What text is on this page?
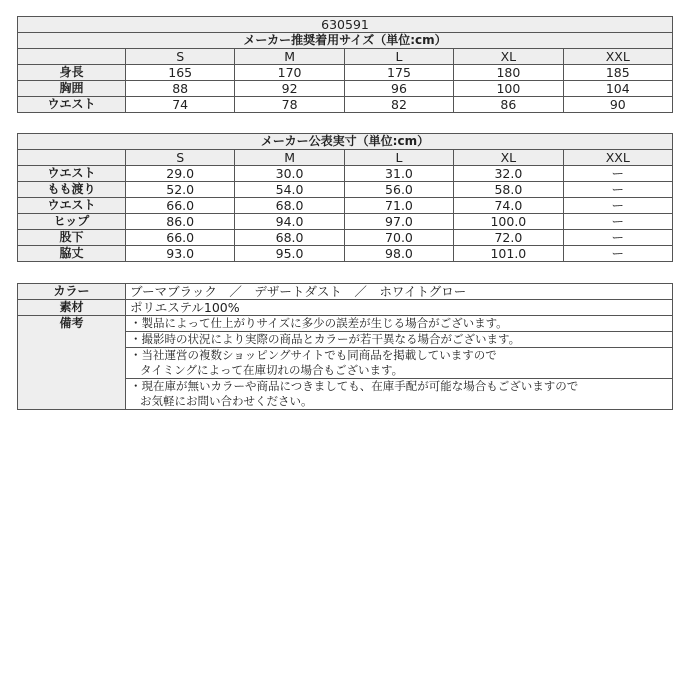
630591					
メーカー推奨着用サイズ（単位:cm）					
	S	M	L	XL	XXL
身長	165	170	175	180	185
胸囲	88	92	96	100	104
ウエスト	74	78	82	86	90
メーカー公表実寸（単位:cm）					
	S	M	L	XL	XXL
ウエスト	29.0	30.0	31.0	32.0	ー
もも渡り	52.0	54.0	56.0	58.0	ー
ウエスト	66.0	68.0	71.0	74.0	ー
ヒップ	86.0	94.0	97.0	100.0	ー
股下	66.0	68.0	70.0	72.0	ー
脇丈	93.0	95.0	98.0	101.0	ー
カラー	ブーマブラック　／　デザートダスト　／　ホワイトグロー
素材	ポリエステル100%
備考	・製品によって仕上がりサイズに多少の誤差が生じる場合がございます。
	・撮影時の状況により実際の商品とカラーが若干異なる場合がございます。

	・当社運営の複数ショッピングサイトでも同商品を掲載していますので
タイミングによって在庫切れの場合もございます。

	・現在庫が無いカラーや商品につきましても、在庫手配が可能な場合もございますので
お気軽にお問い合わせください。
